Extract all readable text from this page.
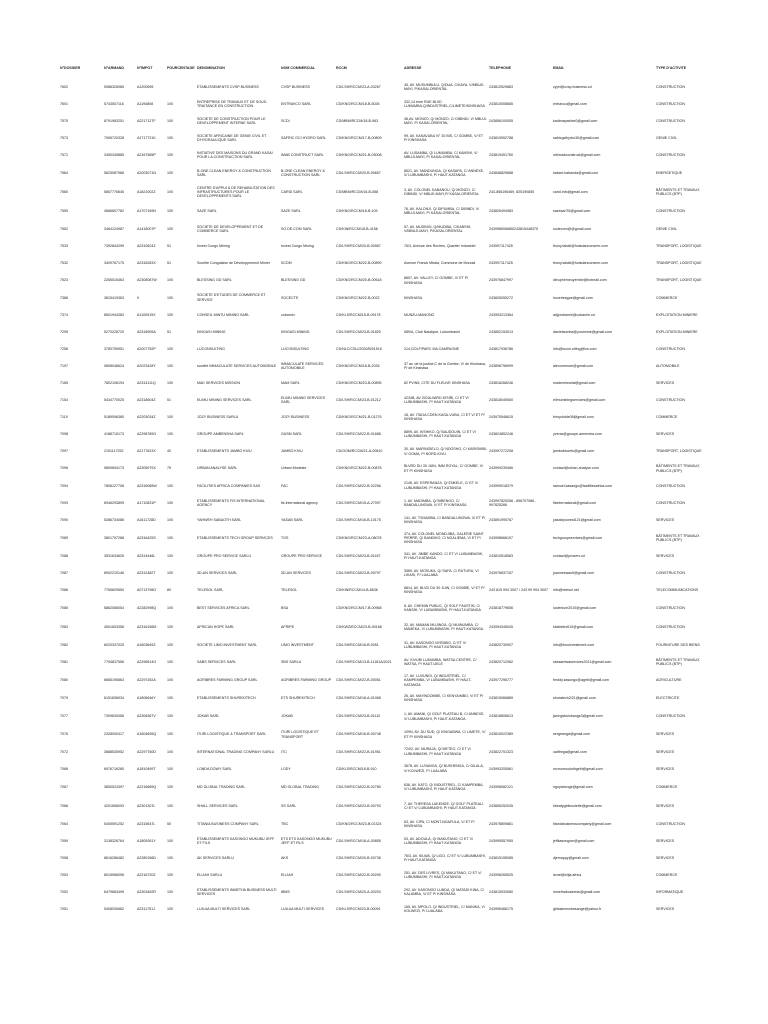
N°DOSSIER	N°ARMAND	N°IMPOT	POURCENTAGE	DENOMINATION	NOM COMMERCIAL	RCCM	ADRESSE	TELEPHONE	EMAIL	TYPE D'ACTIVITE
7602	5988326085	A1200595		ETABLISSEMENTS CVSP BUSINESS	CVSP BUSINESS	CD/LSH/RCCM/23-A-03267	45, AV. MUSUMBULU, Q/DUA, C/KAYA, V/MBUJI-MAYI, P/KASAI-ORIENTAL	243810529883	cypri@cvsp.business.cd	CONSTRUCTION
7601	5743507116	A1194808	100	ENTREPRISE DE TRAVAUX ET DE SOUS-TRAITANCE EN CONSTRUCTION	ENTRAVCO SARL	CD/KNG/RCCM/18-B-5026	332,14 ème RUE BLVD LUMUMBA,Q/INDUSTRIEL,C/LIMETE/KINSHASA	243810508685	entravco@gmail.com	CONSTRUCTION
7575	8791983251	A2217127F	100	SOCIETE DE CONSTRUCTION POUR LE DEVELOPPEMENT INTERNE SARL	SCDI	CD/MBM/RCCM/18-B-963	36,AV. MONZO, Q/ MONZO, C/ DIBINDI, V/ MBUJI-MAYI, P/ KASAI-ORIENTAL	243856100055	kadimapatrice0@gmail.com	CONSTRUCTION
7573	7906720328	A1717721K	100	SOCIETE AFRICAINE DE GENIE CIVIL ET D'HYDRAULIQUE SARL	SAFRIC GCI HYDRO SARL	CD/KNG/RCCM/17-B-00809	99, AV. KASAVUBU N° 30 BIS, C/ GOMBE, V/ ET P/ KINSHASA	243819952788	safricgcihydro30@gmail.com	GENIE CIVIL
7571	3450345865	A2167565P	100	INITIATIVE DES MAISONS DU GRAND KASAI POUR LA CONSTRUCTION SARL	IMAB CONSTRUCT SARL	CD/KNG/RCCM/21-B-03008	AV. LUSAMBA, Q/ LUMUMBA, C/ KANSHI, V/ MBUJI-MAYI, P/ KASAI-ORIENTAL	243819451760	mbimabconstruct@gmail.com	CONSTRUCTION
7564	5625087986	A2003071N	100	B-ONE CLEAN ENERGY & CONSTRUCTION SARL	B-ONE CLEAN ENERGY & CONSTRUCTION SARL	CD/LSH/RCCM/20-B-00657	8521, AV. MANDUNGA, Q/ KASAPA, C/ ANNEXE, V/ LUBUMBASHI, P/ HAUT-KATANGA	243848829688	kabwe.kabanda@gmail.com	ENERGETIQUE
7560	5857776645	A1821002Z	100	CENTRE D'APPUI & DE REHABILITATION DES INFRASTRUCTURES POUR LE DEVELOPPEMENTS SARL	CARID SARL	CD/MBM/RCCM/16-B-558	3, AV. COLONEL KABANGU, Q/ MONZO, C/ DIBINDI, V/ MBUJI-MAYI,P/ KASAI-ORIENTAL	243-856196469, 825190855	carid.info@gmail.com	BÂTIMENTS ET TRAVAUX PUBLICS (BTP)
7559	4666657782	A1707169N	100	SAZE SARL	SAZE SARL	CD/KNG/RCCM/16-B-109	76, AV. KALONJI, Q/ DIPUMBA, C/ DIBINDI, V/ MBUJI-MAYI, P/ KASAI-ORIENTAL	243826494983	sazesarl76@gmail.com	CONSTRUCTION
7552	3464124987	A1418007P	100	SOCIETE DE DEVELOPPEMENT ET DE COMMERCE SARL	SO.DE.COM SARL	CD/KIN/RCCM/18-B-4156	57, AV. MUDINGI, Q/MUDIBA, C/KANSHI, V/MBUJI-MAYI, P/KASAI-ORIENTAL	243998506685/243815448375	sodecom@@gmail.com	GENIE CIVIL
7533	7392844299	A2310624Z	51	Invest Congo Mining	Invest Congo Mining	CD/LSH/RCCM/20-B-00967	76/3, Avenue des Roches, Quartier Industriel	243997117425	thony.tabali@hotsdanconsem.com	TRANSPORT, LOGISTIQUE
7532	3409767175	A2316263X	51	Société Congolaise de Développement Minier	SCDM	CD/KNG/RCCM/22-B-00899	Avenue Franck Mbala, Commune de Mondai	243997117425	thony.tabali@hotsdanconsem.com	TRANSPORT, LOGISTIQUE
7523	2265515463	A2308087W	100	BLESSING GD SARL	BLESSING GD	CD/KNG/RCCM/20-B-00618	8807, AV. VALLEY, C/ GOMBE, V/ ET P/ KINSHASA	243976847997	dieuphirmeuyembe@hotmail.com	TRANSPORT, LOGISTIQUE
7386	3815419363	0	100	SOCIETE D'ETUDES DE COMMERCE ET SERVICE	SOCECTE	CD/KNG/RCCM/22-B-0022	KINSHASA	243826055272	hoverleague@gmail.com	COMMERCE
7374	8501944383	A1100519X	100	CONSEIL MINTU MINING SARL	cobamin	CD/KLS/RCCM/15-B-09178	MUNZU-MANONO	243993213364	adjprobamin@cobamin.cd	EXPLOITATION MINIERE
7295	5270226720	A2318905A	51	KINGASI MINING	KINGASI MINING	CD/LSH/RCCM/23-B-01820	589/A, Club Nautique, Lubumbashi	243852153013	danielsumba@yourmine@gmail.com	EXPLOITATION MINIERE
7256	3780759951	A2007752P	100	LUCONSULTING	LUCONSULTING	CD/NLC/CSLI/2020/B/01516	214,GOLF/PARC MA CAMPAGNE	243817936786	info@lucon.ulting@lcs.com	CONSTRUCTION
7197	0808046624	A2023428Y	100	société IMMACULATE SERVICES AUTOMOBILE	IMMACULATE SERVICES AUTOMOBILE	CD/KNG/RCCM/18-B-2026	37 av. de la justice,C de la Gombe, V/ de Kinshasa, P/ de Kinshasa	243896796999	aleourmeure@gmail.com	AUTOMOBILE
7165	7802106194	A2314111Q	100	MAK SERVICES MISSION	MAM SARL	CD/KNG/RCCM/23-B-00895	82 PV/N5, CITE DU FLEUVE KINSHASA	243818268246	mademhewtal@gmail.com	SERVICES
7154	5434770025	A2318604Z	51	ELIMU MINING SERVICES SARL	ELIMU MINING SERVICES SARL	CD/LSH/RCCM/23-B-01212	4234B, AV. BOULVARD M'SIRI, C/ ET V/ LUBUMBASHI, P/ HAUT-KATANGA	243818049060	elimuminingservices@gmail.com	CONSTRUCTION
7119	5189096380	A2203034Z	100	JOZY BUSINESS SARLU	JOZY BUSINESS	CD/KNG/RCCM/21-B-01276	18, AV. ITAGA CDEN KASA-VUBU, C/ ET V/ ET P/ KINSHASA	243975546615	biroyduble08@gmail.com	COMMERCE
7098	4188715173	A2298789G	100	GROUPE AMBENSHA SARL	GASM SARL	CD/LSH/RCCM/22-B-01688	8899, AV. KISHIKO, Q/ BAUDOUIN, C/ ET V/ LUBUMBASHI, P/ HAUT-KATANGA	243824852246	yvenw@groupe-amensha.com	SERVICES
7097	2151117252	A2177623X	40	ETABLISSEMENTS JAMBO KIVU	JAMBO KIVU	CD/GOM/RCCM/21-A-00810	30, AV. MARINGIELO, Q/ NDOSHO, C/ KARISIMBI, V/ GOMA, P/ NORD-KIVU	243997272208	jambokivuets@gmail.com	TRANSPORT, LOGISTIQUE
7096	5890694173	A2305079X	75	URBAN ANALYSE SARL	Urbani Modeste	CD/KNG/RCCM/22-B-00878	BLVRD DU 30 JUIN, IMM ROYAL, C/ GOMBE, V/ ET P/ KINSHASA	243999239466	contact@urban-analyse.com	BÂTIMENTS ET TRAVAUX PUBLICS (BTP)
7094	7806127708	A2316085W	100	FACILITIES AFRICA COMPANIES SAS	FAC	CD/LSH/RCCM/22-B-02256	2146, AV. ESPERANZA, Q/ ENKELE, C/ ET V/ LUBUMBASHI, P/ HAUT-KATANGA	243999018379	samuel.kasango@facilitiesafrica.com	CONSTRUCTION
7093	6946293899	A1710831P	100	ETABLISSEMENTS FIS INTERNATIONAL AGENCY	fis international agency	CD/LSH/RCCM/15-A-27097	1, AV. MADIMBA, Q/ BIBENGO, C/ BANDALUNGWA, V/ ET P/ KINSHASA	243997825266 - 896707086 - 997825266	fisinternational@gmail.com	CONSTRUCTION
7090	5286734086	A1611728D	100	YAHWEH SABAOTH SARL	YASAB SARL	CD/LSH/RCCM/16-B-10175	141, AV. TSHAMBA, C/ BANDALUNGWA, V/ ET P/ KINSHASA	243891995767	yasabpooreal121@gmail.com	SERVICES
7089	3801797288	A2316425S	100	ETABLISSEMENTS TECH GROUP SERVICES	TGS	CD/KNG/RCCM/23-A-08078	374, AV. COLONEL MONDJIBA, GALERIE SAINT PIERRE, Q/ BANDIKO, C/ NGALIEMA, V/ ET P/ KINSHASA	243998666197	techgroupservices@gmail.com	BÂTIMENTS ET TRAVAUX PUBLICS (BTP)
7088	3531634626	A2314446L	100	GROUPE PRO SERVICE SARLU	GROUPE PRO SERVICE	CD/LSH/RCCM/23-B-01187	341, AV. JIMBE KANDO, C/ ET V/ LUBUMBASHI, P/ HAUT-KATANGA	243810518583	contact@proserv.cd	SERVICES
7087	8902219146	A2312482T	100	3D-AN SERVICES SARL	3D-AN SERVICES	CD/LSH/RCCM/23-B-00797	3569, AV. MOSUKA, Q/ SAFA, C/ RUTURU, V/ LIKASI, P/ LUALABA	243976837157	joanneswault@gmail.com	CONSTRUCTION
7086	7765829550	A0713798G	80	TELESOL SARL	TELESOL	CD/KIN/RCCM/14-B-6636	8814, AV. BLVD DU 30 JUIN, C/ GOMBE, V/ ET P/ KINSHASA	243 815 994 3007 / 243 99 994 3007	info@telesol.net	TELECOMMUNICATIONS
7085	5862056054	A2282998Q	100	BEST SERVICES AFRICA SARL	BSA	CD/KNG/RCCM/17-B-00968	8, AV. CHEMIN PUBLIC, Q/ SOLF FAUSTIN, C/ KANSHI, V/ LUBUMBASHI, P/ HAUT-KATANGA	243818779656	lucienlum2010@gmail.com	CONSTRUCTION
7083	4501603356	A2316156M	100	AFRICAN HOPE SARL	AFRIPE	CD/KWZ/RCCM/23-B-00168	32, AV. MAMAN MUJINGA, Q/ MUINUMBA, C/ MAMEKA, V/ LUBUMBASHI, P/ HAUT-KATANGA	243994345045	kitabelev610@gmail.com	CONSTRUCTION
7082	6020337025	A1603649Z	100	SOCIETE LIMO INVESTMENT SARL	LIMO INVESTMENT	CD/LSH/RCCM/16-B-0051	31, AV. KASONGO NYEMBO, C/ ET V/ LUBUMBASHI, P/ HAUT-KATANGA	243820730907	info@limoinvestment.com	FOURNITURE DES BIENS
7081	7794837556	A2296514G	100	SABS SERVICES SARL	SBS SARLU	CD/LSH/RCCM/13-B-11181A/2021	AV. KIVUBI LUMUMBA, WATSA CENTRE, C/ WATSA, P/ HAUT-UELE	243820712082	sbssamtsaservices2021@gmail.com	BÂTIMENTS ET TRAVAUX PUBLICS (BTP)
7080	6665195663	A2297262A	100	AGRIBRES FARMING GROUP SARL	AGRIBRES FARMING GROUP	CD/LSH/RCCM/22-B-00051	17, AV. LUVUNGI, Q/ INDUSTRIEL, C/ KAMPEMBA, V/ LUBUMBASHI, P/ HAUT-KATANGA	243977296777	freddy.kasongo@agrib@gmail.com	AGRICULTURE
7079	6151836934	A1806646Y	100	ETABLISSEMENTS SHUREKITECH	ETS SHUREKITECH	CD/LSH/RCCM/18-A-01068	26, AV. MAYINDOMBE, C/ KENYA/MBO, V/ ET P/ KINSHASA	243815066889	shuratech2/21@gmail.com	ELECTRICITE
7077	7309630056	A2306367V	100	JOKAB SARL	JOKAB	CD/LSH/RCCM/23-B-01110	1, AV. AMANI, Q/ GOLF PLATEAU B, C/ ANNEXE, V/ LUBUMBASHI, P/ HAUT-KATANGA	243818806613	jwongsbulokangs3@gmail.com	CONSTRUCTION
7076	2328000417	A1604695Q	100	ITURI LOGISTIQUE & TRANSPORT SARL	ITURI LOGISTIQUE ET TRANSPORT	CD/LSH/RCCM/16-B-00748	109N, AV. DU SUD, Q/ KINGABWA, C/ LIMETE, V/ ET P/ KINSHASA	243815022389	sergeanga@gmail.com	SERVICES
7072	3888535952	A2297760D	100	INTERNATIONAL TRADING COMPANY SARLU	ITC	CD/LSH/RCCM/22-B-01951	724/2, AV. MURAJA, Q/ METEO, C/ ET V/ LUBUMBASHI, P/ HAUT-KATANGA	243822751323	oalifrega@gmail.com	SERVICES
7068	6976716280	A1810499T	100	LONDA DOWY SARL	LODY	CD/KLS/RCCM/18-B-910	3678, AV. LUVANGA, Q/ BUSHENGA, C/ DILALA, V/ KOLWEZI, P/ LUALABA	243993205561	mcmorsoututhgelh@gmail.com	SERVICES
7067	3850524397	A2216689Q	100	MD GLOBAL TRADING SARL	MD GLOBAL TRADING	CD/LSH/RCCM/22-B-02780	638, AV. KATO, Q/ INDUSTRIEL, C/ KAMPEMBA, V/ LUBUMBASHI, P/ HAUT-KATANGA	243998082121	ngoytalonge@gmail.com	COMMERCE
7066	4201656093	A2301307L	100	SHALL SERVICES SARL	SS SARL	CD/LSH/RCCM/23-B-00793	7, AV. THERESA LUKENGE, Q/ GOLF PLATEAU, C/ ET V/ LUBUMBASHI, P/ HAUT-KATANGA	243855252035	kbeatygelinsolette@gmail.com	SERVICES
7064	5405591252	A2315647L	50	TITANIA BUSINESS COMPANY SARL	TBC	CD/KNG/RCCM/23-B-01324	63, AV. CIPA, C/ MONT-NGAFULA, V/ ET P/ KINSHASA	243978809861	titaniabusinesscompany@gmail.com	CONSTRUCTION
7059	3138326764	A1809261Y	100	ETABLISSEMENTS KASONGO MUKUBU JEFF ET FILS	ETS ETS KASONGO MUKUBU JEFF ET FILS	CD/LSH/RCCM/18-A-00855	53, AV. ADOULA, Q/ MAKUTANO, C/ ET V/ LUBUMBASHI, P/ HAUT-KATANGA	243995557955	jeffkasongom@gmail.com	SERVICES
7058	8616286482	A2280156D	100	AK SERVICES SARLU	AKS	CD/LSH/RCCM/20-B-00738	76/3, AV. KILWA, Q/ LIDO, C/ ET V/ LUBUMBASHI, P/ HAUT-KATANGA	243815155085	djemappy@gmail.com	SERVICES
7053	8015966096	A2216720Z	100	ELIJAH SARLU	ELIJAH	CD/LSH/RCCM/22-B-00290	251, AV. DES LIVRES, Q/ MAKUTANO, C/ ET V/ LUBUMBASHI, P/ HAUT-KATANGA	243998265525	ismel@elija.africa	COMMERCE
7052	6479663499	A2303452R	100	ETABLISSEMENTS INMETHA BUSINESS MULTI SERVICES	IBMS	CD/LSH/RCCM/20-A-00203	292, AV. KASONGO LUNDA, Q/ MATADI KINA, C/ KALAMBA, V/ ET P/ KINSHASA	243815933080	inmethabusiness@gmail.com	INFORMATIQUE
7051	5408030662	A2311751J	100	LUILUA MULTI SERVICES SARL	LUILUA MULTI SERVICES	CD/KLS/RCCM/23-B-00091	165, AV. MPOLO, Q/ INDUSTRIEL, C/ MANIKA, V/ KOLWEZI, P/ LUALABA	243996466175	ghislainmwansange@yahoo.fr	SERVICES
